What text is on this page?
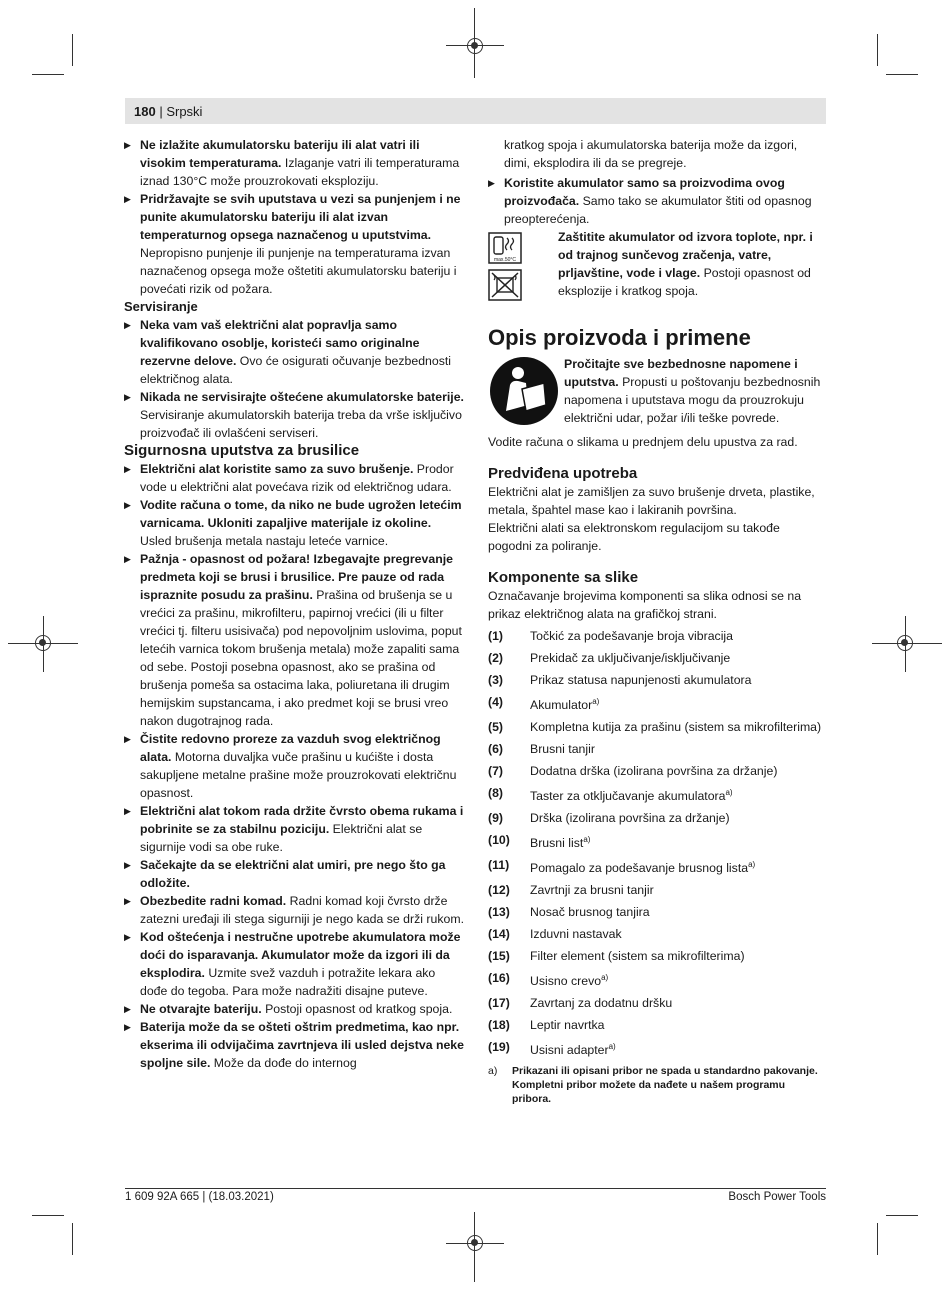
180 | Srpski

▶ Ne izlažite akumulatorsku bateriju ili alat vatri ili visokim temperaturama. Izlaganje vatri ili temperaturama iznad 130°C može prouzrokovati eksploziju.

▶ Pridržavajte se svih uputstava u vezi sa punjenjem i ne punite akumulatorsku bateriju ili alat izvan temperaturnog opsega naznačenog u uputstvima. Nepropisno punjenje ili punjenje na temperaturama izvan naznačenog opsega može oštetiti akumulatorsku bateriju i povećati rizik od požara.

Servisiranje

▶ Neka vam vaš električni alat popravlja samo kvalifikovano osoblje, koristeći samo originalne rezervne delove. Ovo će osigurati očuvanje bezbednosti električnog alata.

▶ Nikada ne servisirajte oštećene akumulatorske baterije. Servisiranje akumulatorskih baterija treba da vrše isključivo proizvođač ili ovlašćeni serviseri.

Sigurnosna uputstva za brusilice

▶ Električni alat koristite samo za suvo brušenje. Prodor vode u električni alat povećava rizik od električnog udara.

▶ Vodite računa o tome, da niko ne bude ugrožen letećim varnicama. Ukloniti zapaljive materijale iz okoline. Usled brušenja metala nastaju leteće varnice.

▶ Pažnja - opasnost od požara! Izbegavajte pregrevanje predmeta koji se brusi i brusilice. Pre pauze od rada ispraznite posudu za prašinu. Prašina od brušenja se u vrećici za prašinu, mikrofilteru, papirnoj vrećici (ili u filter vrećici tj. filteru usisivača) pod nepovoljnim uslovima, poput letećih varnica tokom brušenja metala) može zapaliti sama od sebe. Postoji posebna opasnost, ako se prašina od brušenja pomeša sa ostacima laka, poliuretana ili drugim hemijskim supstancama, i ako predmet koji se brusi vreo nakon dugotrajnog rada.

▶ Čistite redovno proreze za vazduh svog električnog alata. Motorna duvaljka vuče prašinu u kućište i dosta sakupljene metalne prašine može prouzrokovati električnu opasnost.

▶ Električni alat tokom rada držite čvrsto obema rukama i pobrinite se za stabilnu poziciju. Električni alat se sigurnije vodi sa obe ruke.

▶ Sačekajte da se električni alat umiri, pre nego što ga odložite.

▶ Obezbedite radni komad. Radni komad koji čvrsto drže zatezni uređaji ili stega sigurniji je nego kada se drži rukom.

▶ Kod oštećenja i nestručne upotrebe akumulatora može doći do isparavanja. Akumulator može da izgori ili da eksplodira. Uzmite svež vazduh i potražite lekara ako dođe do tegoba. Para može nadražiti disajne puteve.

▶ Ne otvarajte bateriju. Postoji opasnost od kratkog spoja.

▶ Baterija može da se ošteti oštrim predmetima, kao npr. ekserima ili odvijačima zavrtnjeva ili usled dejstva neke spoljne sile. Može da dođe do internog

kratkog spoja i akumulatorska baterija može da izgori, dimi, eksplodira ili da se pregreje.

▶ Koristite akumulator samo sa proizvodima ovog proizvođača. Samo tako se akumulator štiti od opasnog preopterećenja.

max.50°C

Zaštitite akumulator od izvora toplote, npr. i od trajnog sunčevog zračenja, vatre, prljavštine, vode i vlage. Postoji opasnost od eksplozije i kratkog spoja.

Opis proizvoda i primene

Pročitajte sve bezbednosne napomene i uputstva. Propusti u poštovanju bezbednosnih napomena i uputstava mogu da prouzrokuju električni udar, požar i/ili teške povrede.

Vodite računa o slikama u prednjem delu upustva za rad.

Predviđena upotreba

Električni alat je zamišljen za suvo brušenje drveta, plastike, metala, špahtel mase kao i lakiranih površina.

Električni alati sa elektronskom regulacijom su takođe pogodni za poliranje.

Komponente sa slike

Označavanje brojevima komponenti sa slika odnosi se na prikaz električnog alata na grafičkoj strani.

(1)	Točkić za podešavanje broja vibracija
(2)	Prekidač za uključivanje/isključivanje
(3)	Prikaz statusa napunjenosti akumulatora
(4)	Akumulator$^{a)}$
(5)	Kompletna kutija za prašinu (sistem sa mikrofilterima)
(6)	Brusni tanjir
(7)	Dodatna drška (izolirana površina za držanje)
(8)	Taster za otključavanje akumulatora$^{a)}$
(9)	Drška (izolirana površina za držanje)
(10)	Brusni list$^{a)}$
(11)	Pomagalo za podešavanje brusnog lista$^{a)}$
(12)	Zavrtnji za brusni tanjir
(13)	Nosač brusnog tanjira
(14)	Izduvni nastavak
(15)	Filter element (sistem sa mikrofilterima)
(16)	Usisno crevo$^{a)}$
(17)	Zavrtanj za dodatnu dršku
(18)	Leptir navrtka
(19)	Usisni adapter$^{a)}$
a)	Prikazani ili opisani pribor ne spada u standardno pakovanje. Kompletni pribor možete da nađete u našem programu pribora.
1 609 92A 665 | (18.03.2021)	Bosch Power Tools
